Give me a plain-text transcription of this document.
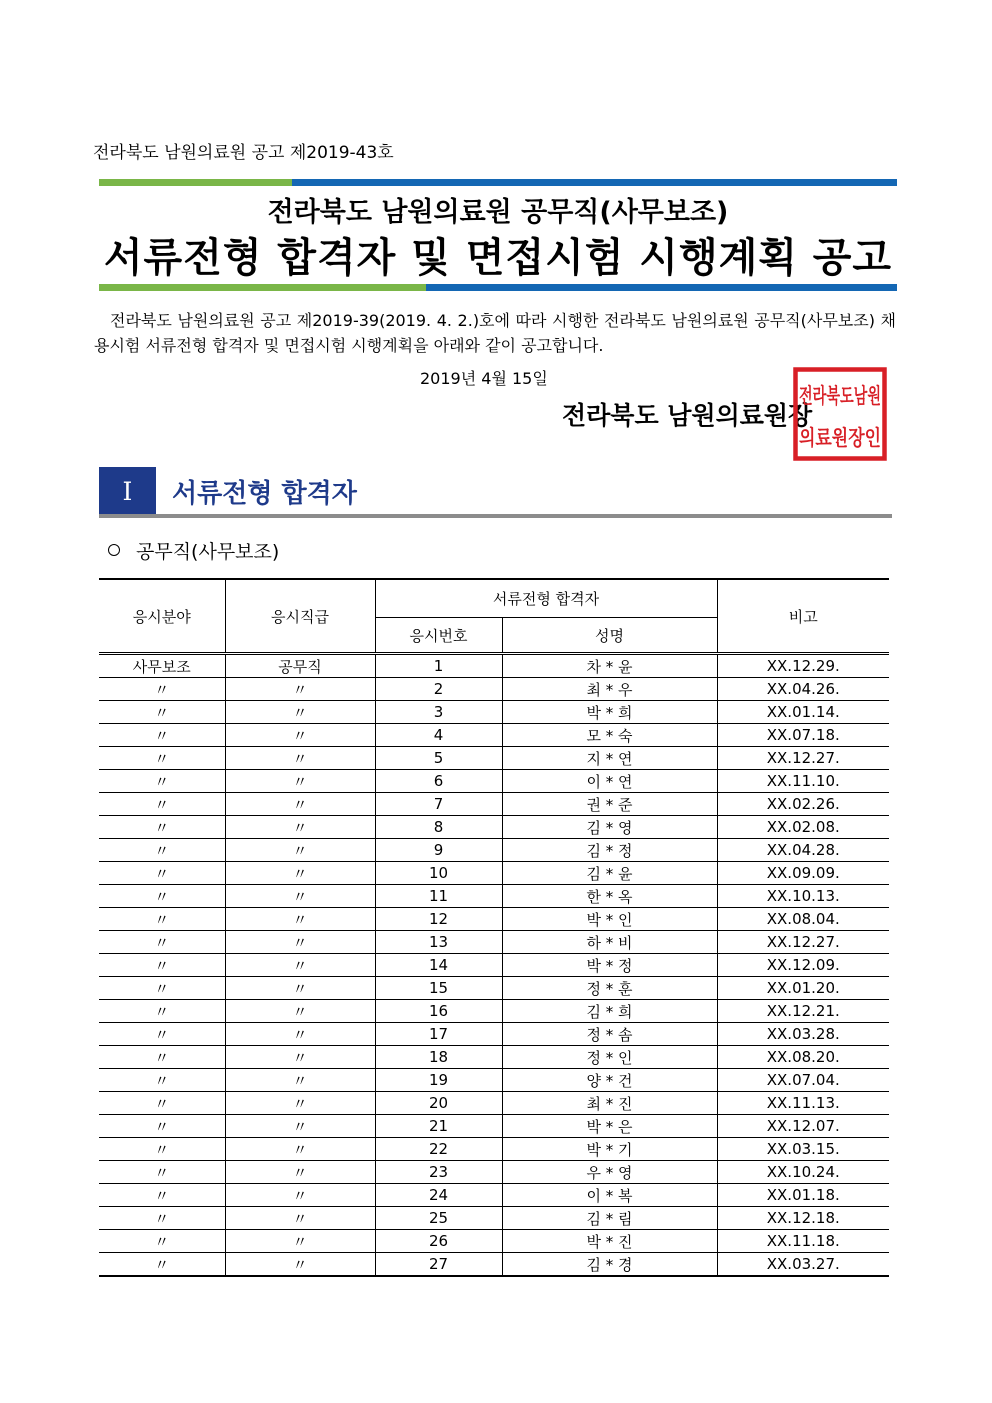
전라북도 남원의료원 공고 제2019-43호
전라북도 남원의료원 공무직(사무보조)
서류전형 합격자 및 면접시험 시행계획 공고
전라북도 남원의료원 공고 제2019-39(2019. 4. 2.)호에 따라 시행한 전라북도 남원의료원 공무직(사무보조) 채용시험 서류전형 합격자 및 면접시험 시행계획을 아래와 같이 공고합니다.
2019년 4월 15일
전라북도 남원의료원장
전라북도남원
의료원장인
I 서류전형 합격자
공무직(사무보조)
응시분야	응시직급	서류전형 합격자		비고
		응시번호	성명	
사무보조	공무직	1	차 * 윤	XX.12.29.
〃	〃	2	최 * 우	XX.04.26.
〃	〃	3	박 * 희	XX.01.14.
〃	〃	4	모 * 숙	XX.07.18.
〃	〃	5	지 * 연	XX.12.27.
〃	〃	6	이 * 연	XX.11.10.
〃	〃	7	권 * 준	XX.02.26.
〃	〃	8	김 * 영	XX.02.08.
〃	〃	9	김 * 정	XX.04.28.
〃	〃	10	김 * 윤	XX.09.09.
〃	〃	11	한 * 옥	XX.10.13.
〃	〃	12	박 * 인	XX.08.04.
〃	〃	13	하 * 비	XX.12.27.
〃	〃	14	박 * 정	XX.12.09.
〃	〃	15	정 * 훈	XX.01.20.
〃	〃	16	김 * 희	XX.12.21.
〃	〃	17	정 * 솜	XX.03.28.
〃	〃	18	정 * 인	XX.08.20.
〃	〃	19	양 * 건	XX.07.04.
〃	〃	20	최 * 진	XX.11.13.
〃	〃	21	박 * 은	XX.12.07.
〃	〃	22	박 * 기	XX.03.15.
〃	〃	23	우 * 영	XX.10.24.
〃	〃	24	이 * 복	XX.01.18.
〃	〃	25	김 * 림	XX.12.18.
〃	〃	26	박 * 진	XX.11.18.
〃	〃	27	김 * 경	XX.03.27.
